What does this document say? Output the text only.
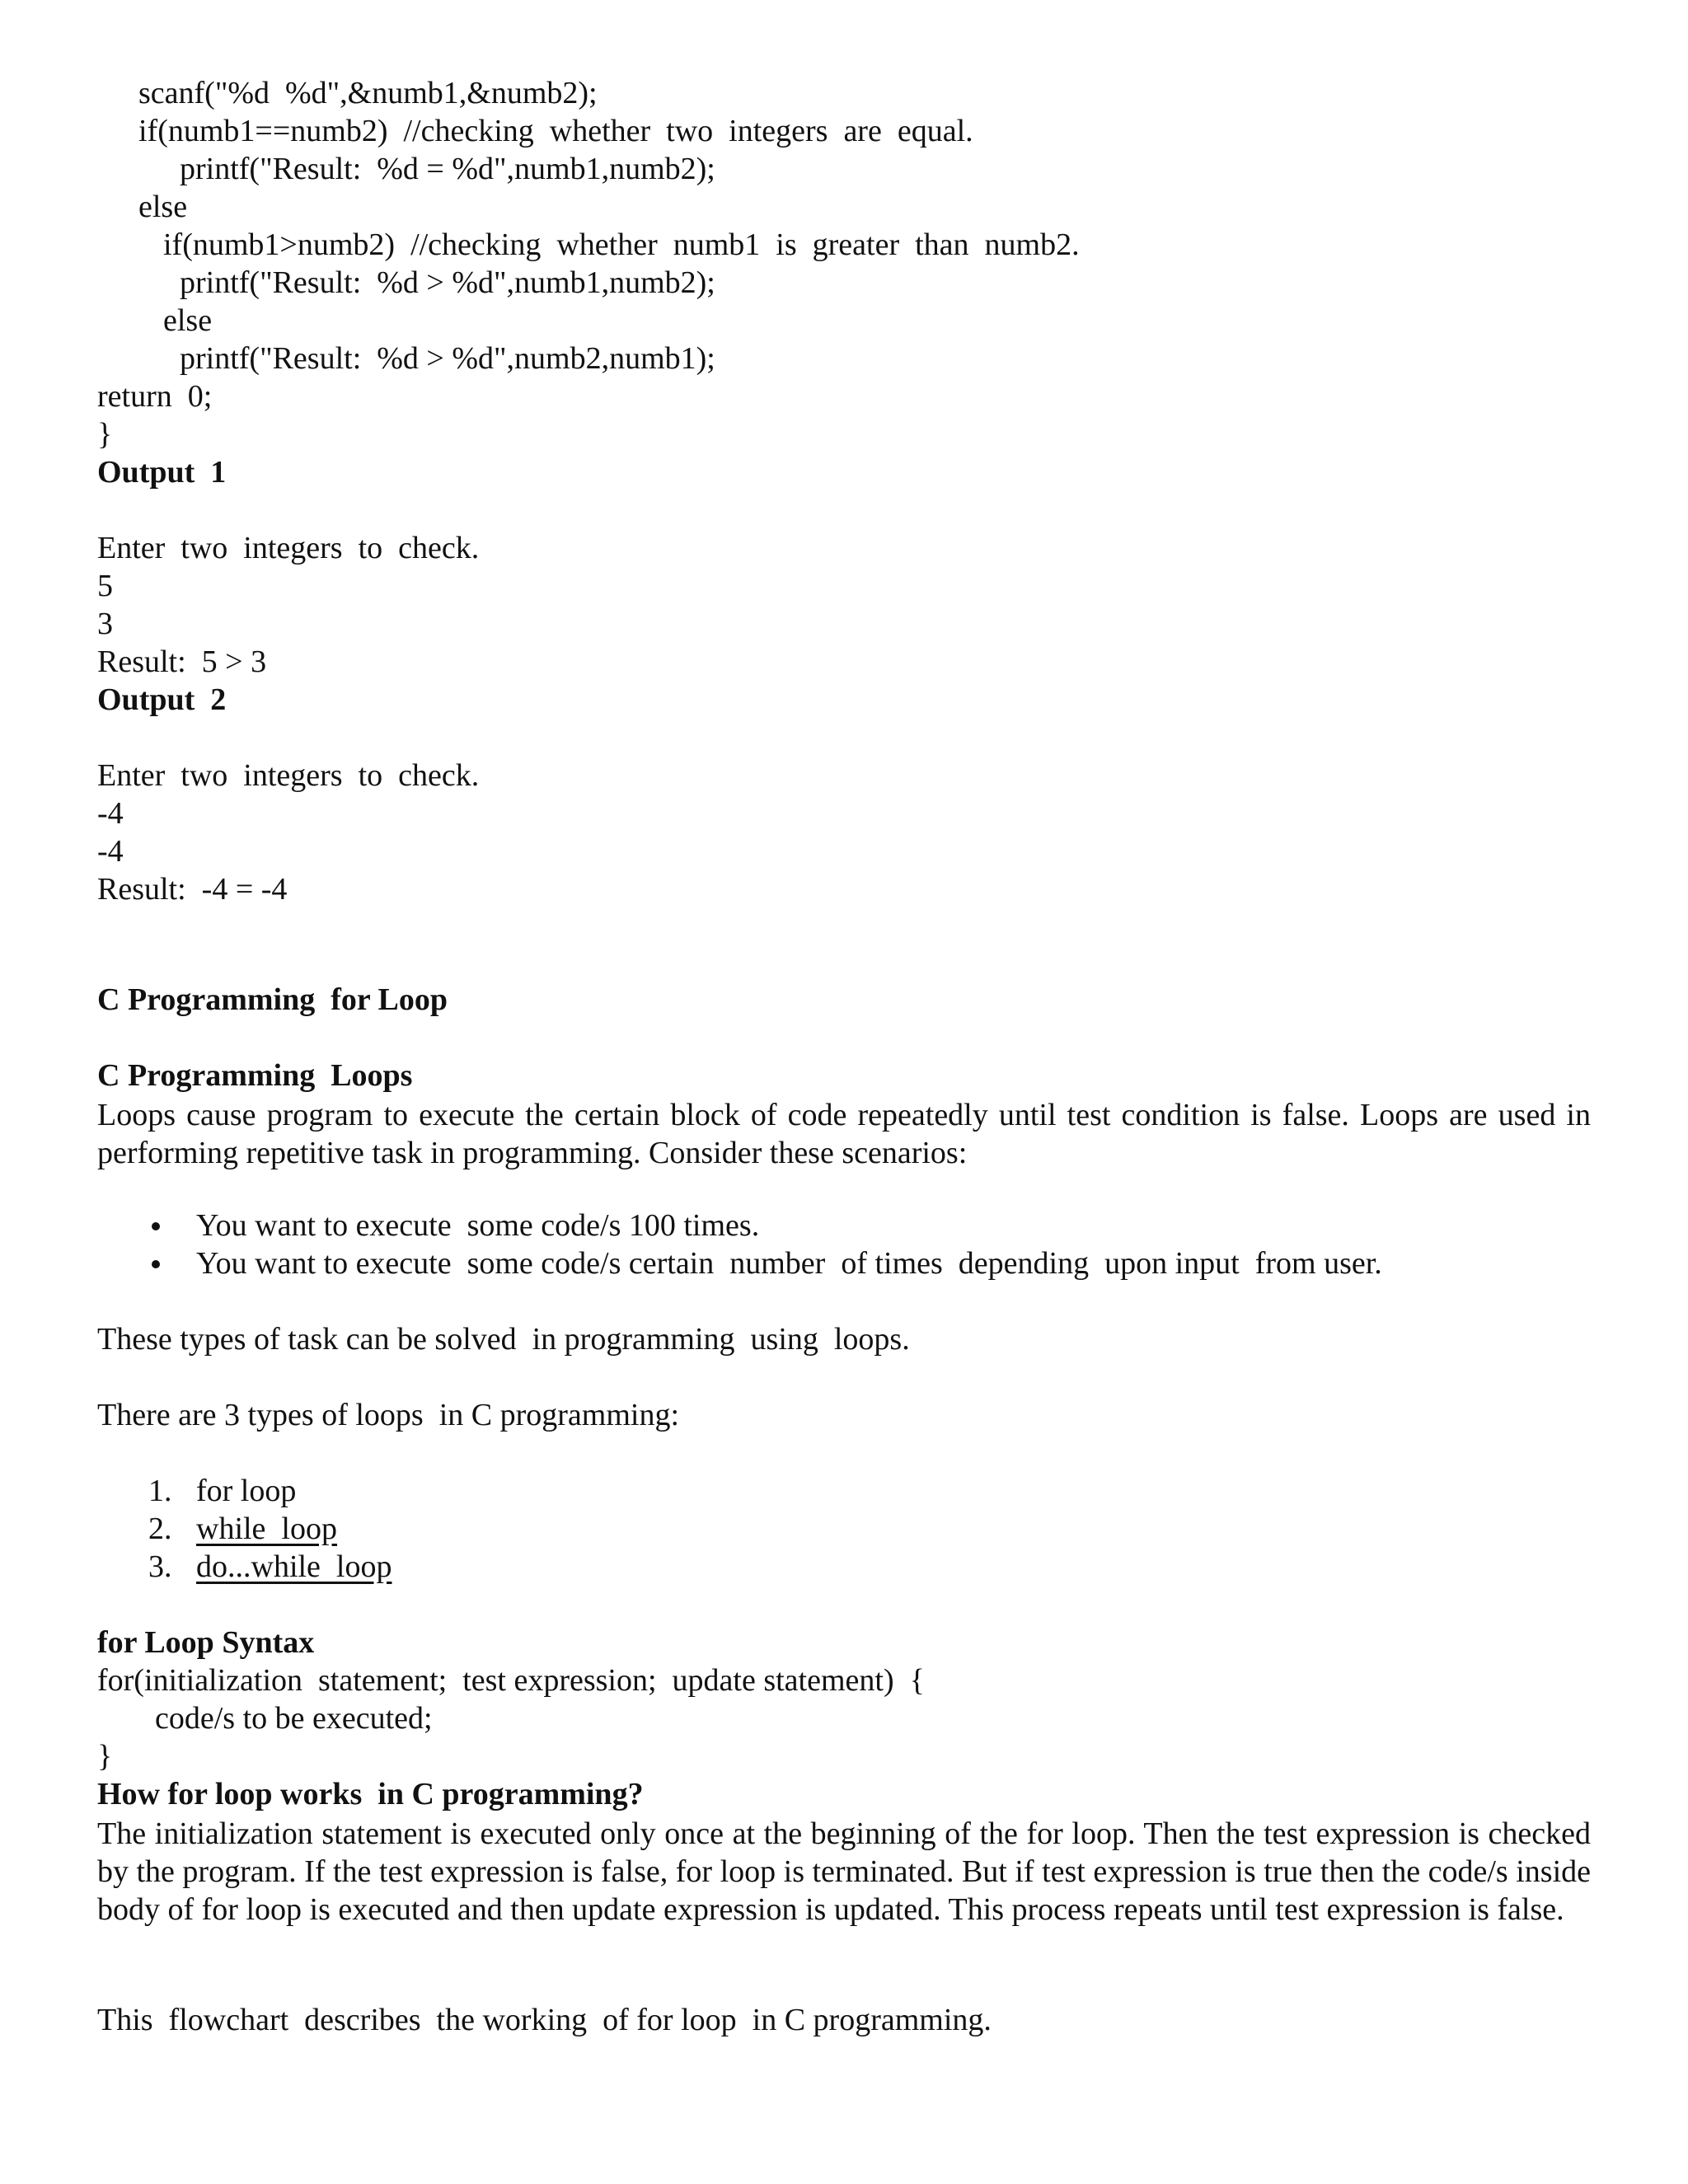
scanf("%d  %d",&numb1,&numb2);
if(numb1==numb2)  //checking  whether  two  integers  are  equal.
printf("Result:  %d = %d",numb1,numb2);
else
if(numb1>numb2)  //checking  whether  numb1  is  greater  than  numb2.
printf("Result:  %d > %d",numb1,numb2);
else
printf("Result:  %d > %d",numb2,numb1);
return  0;
}
Output  1
Enter  two  integers  to  check.
5
3
Result:  5 > 3
Output  2
Enter  two  integers  to  check.
-4
-4
Result:  -4 = -4
C Programming  for Loop
C Programming  Loops
Loops cause program to execute the certain block of code repeatedly until test condition is false. Loops are used in performing repetitive task in programming. Consider these scenarios:
You want to execute  some code/s 100 times.
You want to execute  some code/s certain  number  of times  depending  upon input  from user.
These types of task can be solved  in programming  using  loops.
There are 3 types of loops  in C programming:
1. for loop
2. while  loop
3. do...while  loop
for Loop Syntax
for(initialization  statement;  test expression;  update statement)  {
code/s to be executed;
}
How for loop works  in C programming?
The initialization statement is executed only once at the beginning of the for loop. Then the test expression is checked by the program. If the test expression is false, for loop is terminated. But if test expression is true then the code/s inside body of for loop is executed and then update expression is updated. This process repeats until test expression is false.
This  flowchart  describes  the working  of for loop  in C programming.
